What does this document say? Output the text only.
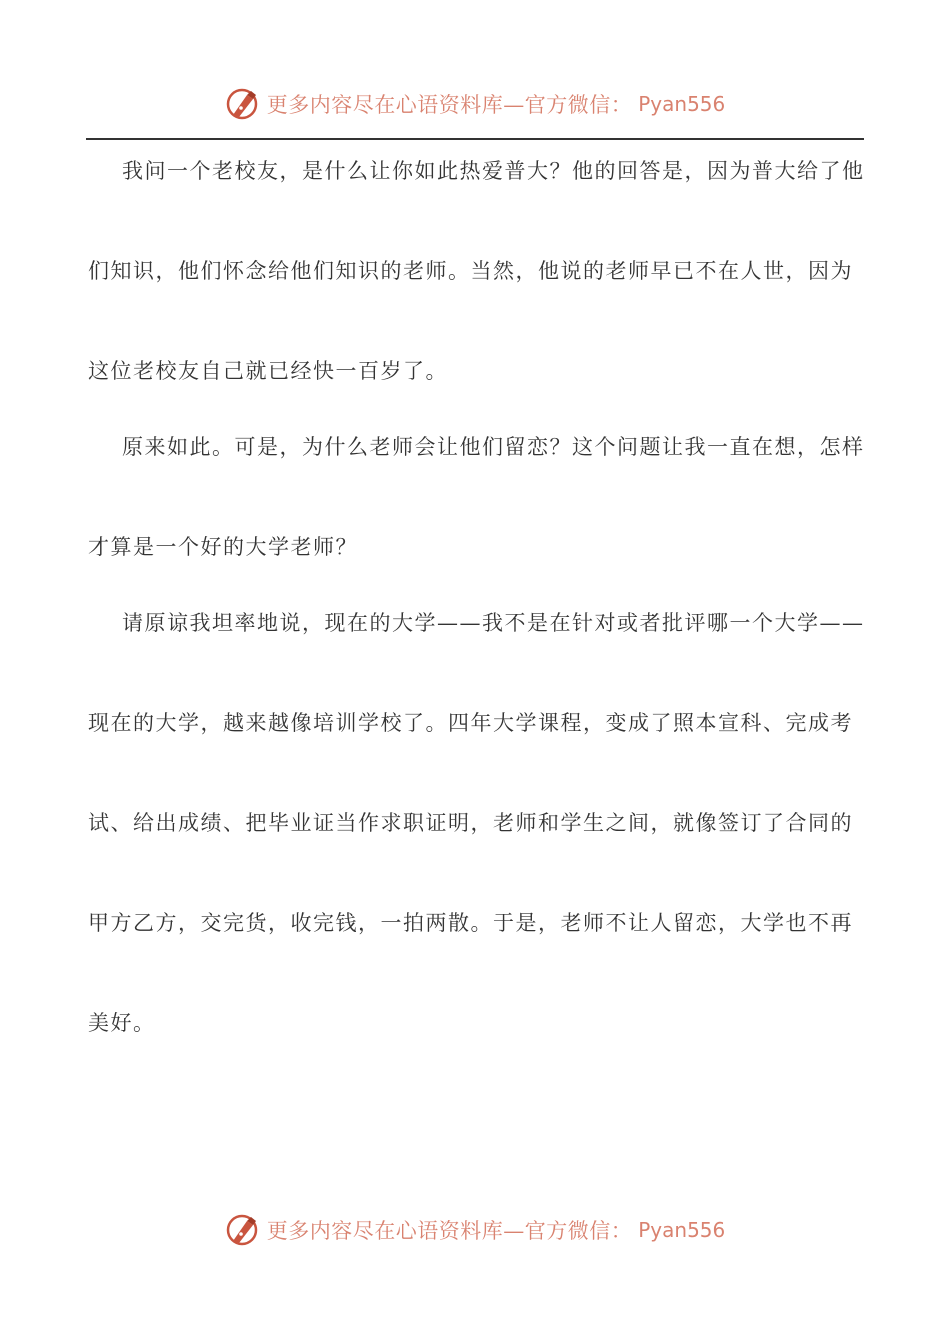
更多内容尽在心语资料库—官方微信： Pyan556
我问一个老校友，是什么让你如此热爱普大？他的回答是，因为普大给了他
们知识，他们怀念给他们知识的老师。当然，他说的老师早已不在人世，因为
这位老校友自己就已经快一百岁了。
原来如此。可是，为什么老师会让他们留恋？这个问题让我一直在想，怎样
才算是一个好的大学老师？
请原谅我坦率地说，现在的大学——我不是在针对或者批评哪一个大学——
现在的大学，越来越像培训学校了。四年大学课程，变成了照本宣科、完成考
试、给出成绩、把毕业证当作求职证明，老师和学生之间，就像签订了合同的
甲方乙方，交完货，收完钱，一拍两散。于是，老师不让人留恋，大学也不再
美好。
更多内容尽在心语资料库—官方微信： Pyan556
